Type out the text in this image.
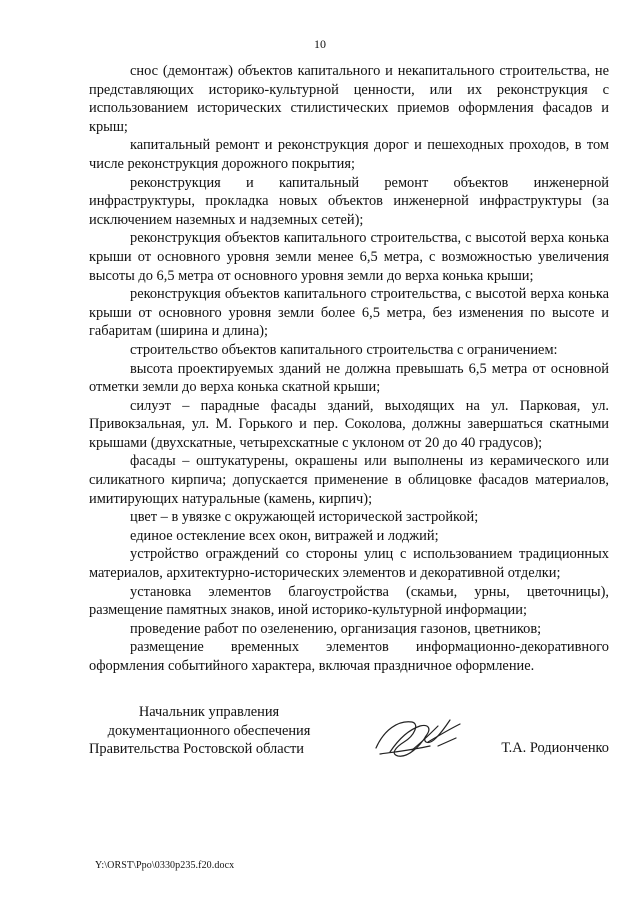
10

снос (демонтаж) объектов капитального и некапитального строительства, не представляющих историко-культурной ценности, или их реконструкция с использованием исторических стилистических приемов оформления фасадов и крыш;

капитальный ремонт и реконструкция дорог и пешеходных проходов, в том числе реконструкция дорожного покрытия;

реконструкция и капитальный ремонт объектов инженерной инфраструктуры, прокладка новых объектов инженерной инфраструктуры (за исключением наземных и надземных сетей);

реконструкция объектов капитального строительства, с высотой верха конька крыши от основного уровня земли менее 6,5 метра, с возможностью увеличения высоты до 6,5 метра от основного уровня земли до верха конька крыши;

реконструкция объектов капитального строительства, с высотой верха конька крыши от основного уровня земли более 6,5 метра, без изменения по высоте и габаритам (ширина и длина);

строительство объектов капитального строительства с ограничением:

высота проектируемых зданий не должна превышать 6,5 метра от основной отметки земли до верха конька скатной крыши;

силуэт – парадные фасады зданий, выходящих на ул. Парковая, ул. Привокзальная, ул. М. Горького и пер. Соколова, должны завершаться скатными крышами (двухскатные, четырехскатные с уклоном от 20 до 40 градусов);

фасады – оштукатурены, окрашены или выполнены из керамического или силикатного кирпича; допускается применение в облицовке фасадов материалов, имитирующих натуральные (камень, кирпич);

цвет – в увязке с окружающей исторической застройкой;

единое остекление всех окон, витражей и лоджий;

устройство ограждений со стороны улиц с использованием традиционных материалов, архитектурно-исторических элементов и декоративной отделки;

установка элементов благоустройства (скамьи, урны, цветочницы), размещение памятных знаков, иной историко-культурной информации;

проведение работ по озеленению, организация газонов, цветников;

размещение временных элементов информационно-декоративного оформления событийного характера, включая праздничное оформление.

Начальник управления
документационного обеспечения
Правительства Ростовской области	Т.А. Родионченко
Y:\ORST\Ppo\0330p235.f20.docx
